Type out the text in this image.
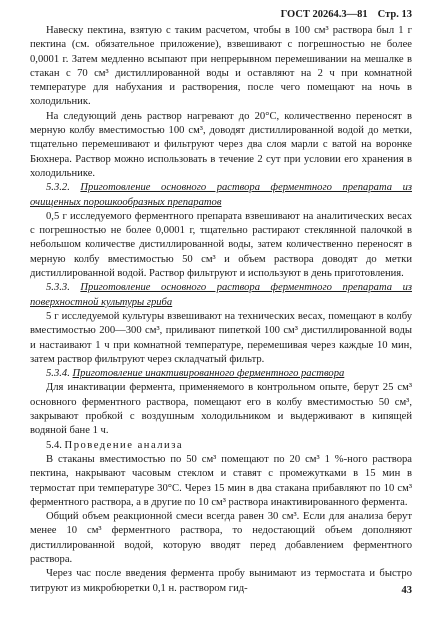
ГОСТ 20264.3—81 Стр. 13

Навеску пектина, взятую с таким расчетом, чтобы в 100 см³ раствора был 1 г пектина (см. обязательное приложение), взвешивают с погрешностью не более 0,0001 г. Затем медленно всыпают при непрерывном перемешивании на мешалке в стакан с 70 см³ дистиллированной воды и оставляют на 2 ч при комнатной температуре для набухания и растворения, после чего помещают на ночь в холодильник.

На следующий день раствор нагревают до 20°С, количественно переносят в мерную колбу вместимостью 100 см³, доводят дистиллированной водой до метки, тщательно перемешивают и фильтруют через два слоя марли с ватой на воронке Бюхнера. Раствор можно использовать в течение 2 сут при условии его хранения в холодильнике.

5.3.2. Приготовление основного раствора ферментного препарата из очищенных порошкообразных препаратов

0,5 г исследуемого ферментного препарата взвешивают на аналитических весах с погрешностью не более 0,0001 г, тщательно растирают стеклянной палочкой в небольшом количестве дистиллированной воды, затем количественно переносят в мерную колбу вместимостью 50 см³ и объем раствора доводят до метки дистиллированной водой. Раствор фильтруют и используют в день приготовления.

5.3.3. Приготовление основного раствора ферментного препарата из поверхностной культуры гриба

5 г исследуемой культуры взвешивают на технических весах, помещают в колбу вместимостью 200—300 см³, приливают пипеткой 100 см³ дистиллированной воды и настаивают 1 ч при комнатной температуре, перемешивая через каждые 10 мин, затем раствор фильтруют через складчатый фильтр.

5.3.4. Приготовление инактивированного ферментного раствора

Для инактивации фермента, применяемого в контрольном опыте, берут 25 см³ основного ферментного раствора, помещают его в колбу вместимостью 50 см³, закрывают пробкой с воздушным холодильником и выдерживают в кипящей водяной бане 1 ч.

5.4. Проведение анализа

В стаканы вместимостью по 50 см³ помещают по 20 см³ 1 %-ного раствора пектина, накрывают часовым стеклом и ставят с промежутками в 15 мин в термостат при температуре 30°С. Через 15 мин в два стакана прибавляют по 10 см³ ферментного раствора, а в другие по 10 см³ раствора инактивированного фермента.

Общий объем реакционной смеси всегда равен 30 см³. Если для анализа берут менее 10 см³ ферментного раствора, то недостающий объем дополняют дистиллированной водой, которую вводят перед добавлением ферментного раствора.

Через час после введения фермента пробу вынимают из термостата и быстро титруют из микробюретки 0,1 н. раствором гид-	43
